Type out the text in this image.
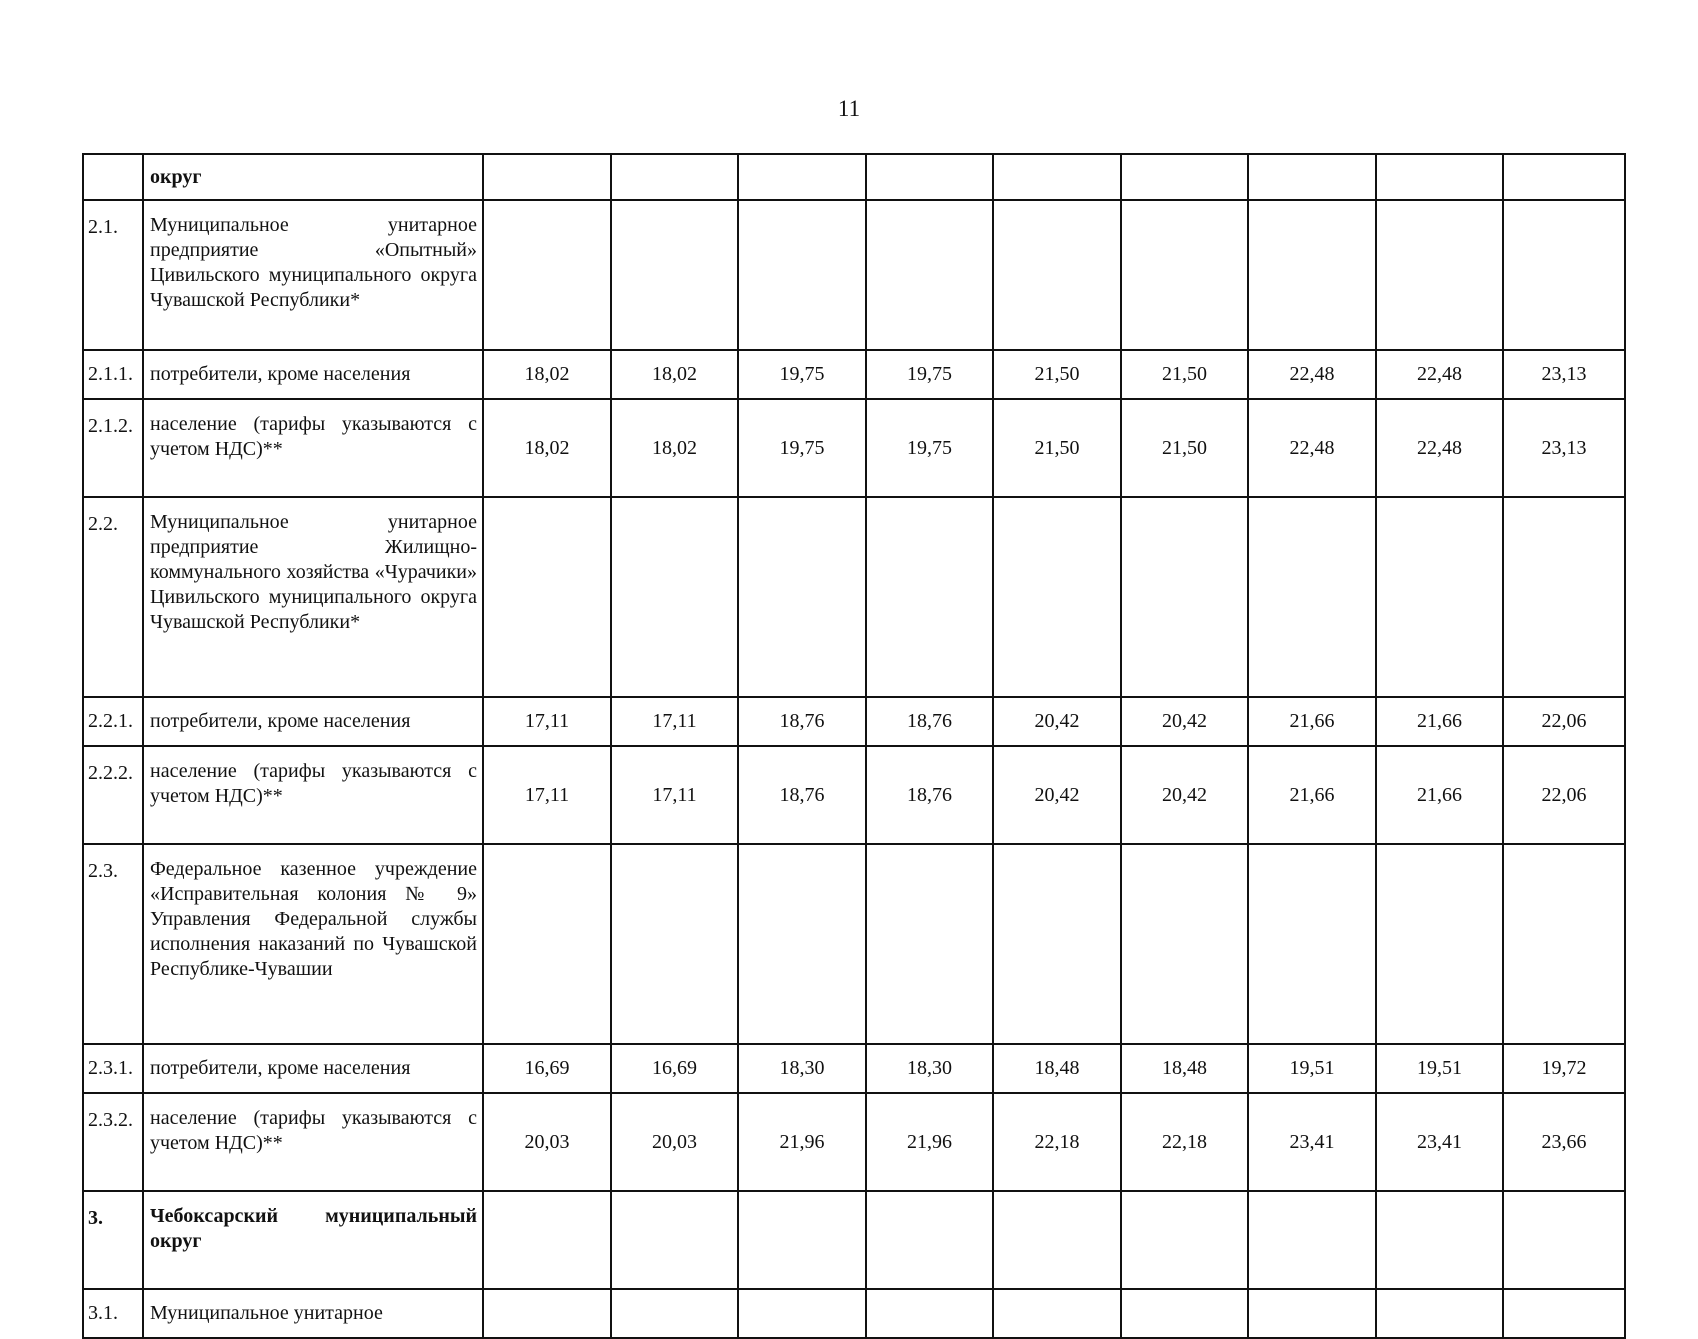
11
	округ									
2.1.	Муниципальное унитарное предприятие «Опытный» Цивильского муниципального округа Чувашской Республики*									
2.1.1.	потребители, кроме населения	18,02	18,02	19,75	19,75	21,50	21,50	22,48	22,48	23,13
2.1.2.	население (тарифы указываются с учетом НДС)**	18,02	18,02	19,75	19,75	21,50	21,50	22,48	22,48	23,13
2.2.	Муниципальное унитарное предприятие Жилищно-коммунального хозяйства «Чурачики» Цивильского муниципального округа Чувашской Республики*									
2.2.1.	потребители, кроме населения	17,11	17,11	18,76	18,76	20,42	20,42	21,66	21,66	22,06
2.2.2.	население (тарифы указываются с учетом НДС)**	17,11	17,11	18,76	18,76	20,42	20,42	21,66	21,66	22,06
2.3.	Федеральное казенное учреждение «Исправительная колония № 9» Управления Федеральной службы исполнения наказаний по Чувашской Республике-Чувашии									
2.3.1.	потребители, кроме населения	16,69	16,69	18,30	18,30	18,48	18,48	19,51	19,51	19,72
2.3.2.	население (тарифы указываются с учетом НДС)**	20,03	20,03	21,96	21,96	22,18	22,18	23,41	23,41	23,66
3.	Чебоксарский муниципальный округ									
3.1.	Муниципальное унитарное									
